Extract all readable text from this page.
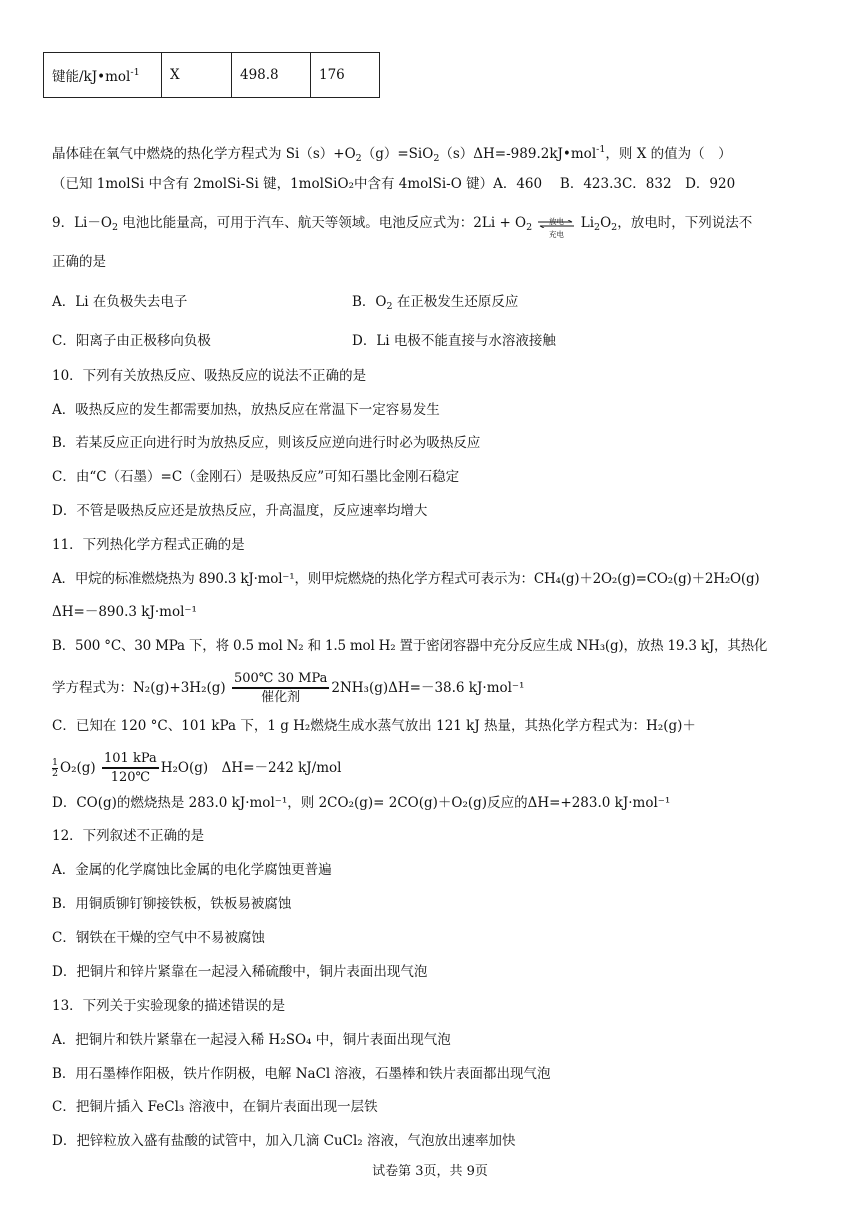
键能/kJ•mol$^{-1}$	X	498.8	176
晶体硅在氧气中燃烧的热化学方程式为 $Si(s)+O_2(g)=SiO_2(s)\Delta H=-989.2kJ•mol^{-1}$，则 X 的值为（　）
（已知 1molSi 中含有 2molSi-Si 键，1molSiO₂中含有 4molSi-O 键）A．460　 B．423.3C．832　D．920
9．$Li-O_2$ 电池比能量高，可用于汽车、航天等领域。电池反应式为：$2Li + O_2$
放电
充电
$Li_2O_2$，放电时，下列说法不
正确的是
A．Li 在负极失去电子	B．$O_2$ 在正极发生还原反应
C．阳离子由正极移向负极	D．Li 电极不能直接与水溶液接触
10．下列有关放热反应、吸热反应的说法不正确的是
A．吸热反应的发生都需要加热，放热反应在常温下一定容易发生
B．若某反应正向进行时为放热反应，则该反应逆向进行时必为吸热反应
C．由“C（石墨）=C（金刚石）是吸热反应”可知石墨比金刚石稳定
D．不管是吸热反应还是放热反应，升高温度，反应速率均增大
11．下列热化学方程式正确的是
A．甲烷的标准燃烧热为 890.3 kJ·mol⁻¹，则甲烷燃烧的热化学方程式可表示为：CH₄(g)＋2O₂(g)=CO₂(g)＋2H₂O(g)
ΔH=－890.3 kJ·mol⁻¹
B．500 °C、30 MPa 下，将 0.5 mol N₂ 和 1.5 mol H₂ 置于密闭容器中充分反应生成 NH₃(g)，放热 19.3 kJ，其热化
学方程式为：$N_2(g)+3H_2(g) \frac{\text{500℃ 30 MPa}}{\text{催化剂}} 2NH_3(g)\Delta H=-38.6$ kJ·mol⁻¹
C．已知在 120 °C、101 kPa 下，1 g H₂燃烧生成水蒸气放出 121 kJ 热量，其热化学方程式为：H₂(g)＋
$\frac{1}{2} O_2(g) \frac{\text{101 kPa}}{120℃} H_2O(g)$　ΔH=－242 kJ/mol
D．CO(g)的燃烧热是 283.0 kJ·mol⁻¹，则 2CO₂(g)= 2CO(g)＋O₂(g)反应的ΔH=+283.0 kJ·mol⁻¹
12．下列叙述不正确的是
A．金属的化学腐蚀比金属的电化学腐蚀更普遍
B．用铜质铆钉铆接铁板，铁板易被腐蚀
C．钢铁在干燥的空气中不易被腐蚀
D．把铜片和锌片紧靠在一起浸入稀硫酸中，铜片表面出现气泡
13．下列关于实验现象的描述错误的是
A．把铜片和铁片紧靠在一起浸入稀 H₂SO₄ 中，铜片表面出现气泡
B．用石墨棒作阳极，铁片作阴极，电解 NaCl 溶液，石墨棒和铁片表面都出现气泡
C．把铜片插入 FeCl₃ 溶液中，在铜片表面出现一层铁
D．把锌粒放入盛有盐酸的试管中，加入几滴 CuCl₂ 溶液，气泡放出速率加快
试卷第 3页，共 9页
